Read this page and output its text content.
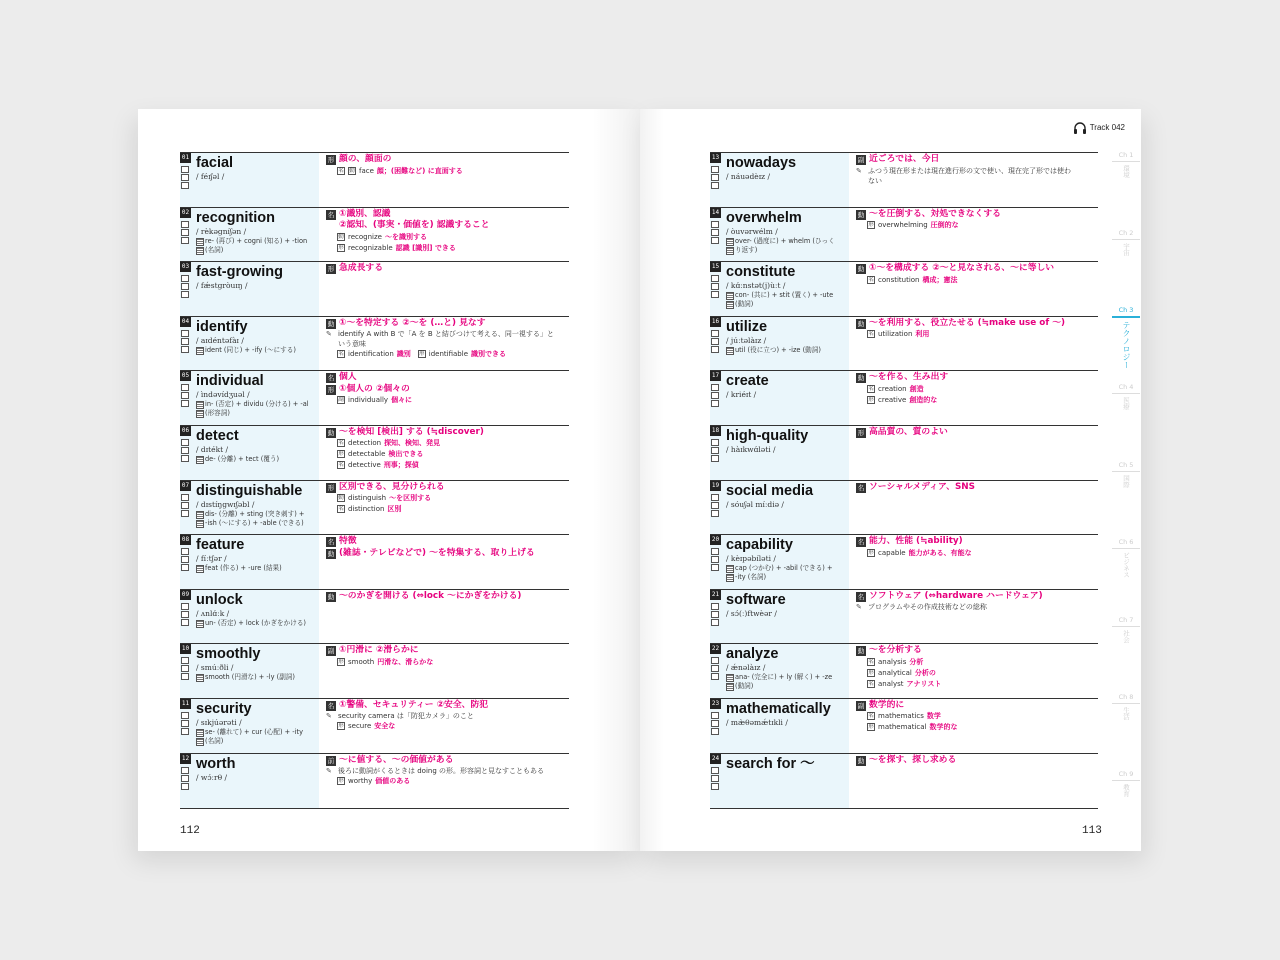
01 facial
/ féɪʃəl /
形 顔の、顔面の
名 動 face 顔；(困難など) に直面する
02 recognition
/ rèkəgníʃən /
re- (再び) + cogni (知る) + -tion
(名詞)
名 ①識別、認識
②認知、(事実・価値を) 認識すること
動 recognize ～を識別する
形 recognizable 認識 [識別] できる
03 fast-growing
/ fǽstgròuɪŋ /
形 急成長する
04 identify
/ aɪdéntəfàɪ /
ident (同じ) + -ify (～にする)
動 ①～を特定する ②～を (…と) 見なす
✎ identify A with B で「A を B と結びつけて考える、同一視する」と
いう意味
名 identification 識別 形 identifiable 識別できる
05 individual
/ ìndəvídʒuəl /
in- (否定) + dividu (分ける) + -al
(形容詞)
名 個人
形 ①個人の ②個々の
副 individually 個々に
06 detect
/ dɪtékt /
de- (分離) + tect (覆う)
動 ～を検知 [検出] する (≒discover)
名 detection 探知、検知、発見
形 detectable 検出できる
名 detective 刑事；探偵
07 distinguishable
/ dɪstíŋgwɪʃəbl /
dis- (分離) + sting (突き刺す) +
-ish (～にする) + -able (できる)
形 区別できる、見分けられる
動 distinguish ～を区別する
名 distinction 区別
08 feature
/ fíːtʃər /
feat (作る) + -ure (結果)
名 特徴
動 (雑誌・テレビなどで) ～を特集する、取り上げる
09 unlock
/ ʌnlɑ́ːk /
un- (否定) + lock (かぎをかける)
動 ～のかぎを開ける (⇔lock ～にかぎをかける)
10 smoothly
/ smúːðli /
smooth (円滑な) + -ly (副詞)
副 ①円滑に ②滑らかに
形 smooth 円滑な、滑らかな
11 security
/ sɪkjúərəti /
se- (離れて) + cur (心配) + -ity
(名詞)
名 ①警備、セキュリティー ②安全、防犯
✎ security camera は「防犯カメラ」のこと
形 secure 安全な
12 worth
/ wɔ́ːrθ /
前 ～に値する、～の価値がある
✎ 後ろに動詞がくるときは doing の形。形容詞と見なすこともある
形 worthy 価値のある
112
Track 042
13 nowadays
/ náuədèɪz /
副 近ごろでは、今日
✎ ふつう現在形または現在進行形の文で使い、現在完了形では使わ
ない
14 overwhelm
/ òuvərwélm /
over- (過度に) + whelm (ひっく
り返す)
動 ～を圧倒する、対処できなくする
形 overwhelming 圧倒的な
15 constitute
/ kɑ́ːnstət(j)ùːt /
con- (共に) + stit (置く) + -ute
(動詞)
動 ①～を構成する ②～と見なされる、～に等しい
名 constitution 構成；憲法
16 utilize
/ júːtəlàɪz /
util (役に立つ) + -ize (動詞)
動 ～を利用する、役立たせる (≒make use of ～)
名 utilization 利用
17 create
/ kriéɪt /
動 ～を作る、生み出す
名 creation 創造
形 creative 創造的な
18 high-quality
/ hàɪkwɑ́ləti /
形 高品質の、質のよい
19 social media
/ sóuʃəl míːdiə /
名 ソーシャルメディア、SNS
20 capability
/ kèɪpəbíləti /
cap (つかむ) + -abil (できる) +
-ity (名詞)
名 能力、性能 (≒ability)
形 capable 能力がある、有能な
21 software
/ sɔ́(ː)ftwèər /
名 ソフトウェア (⇔hardware ハードウェア)
✎ プログラムやその作成技術などの総称
22 analyze
/ ǽnəlàɪz /
ana- (完全に) + ly (解く) + -ze
(動詞)
動 ～を分析する
名 analysis 分析
形 analytical 分析の
名 analyst アナリスト
23 mathematically
/ mæ̀θəmǽtɪkli /
副 数学的に
名 mathematics 数学
形 mathematical 数学的な
24 search for ～	動 ～を探す、探し求める
Ch 1
環境
Ch 2
宇宙
Ch 3
テクノロジー
Ch 4
医療
Ch 5
国際
Ch 6
ビジネス
Ch 7
社会
Ch 8
生活
Ch 9
教育
113
